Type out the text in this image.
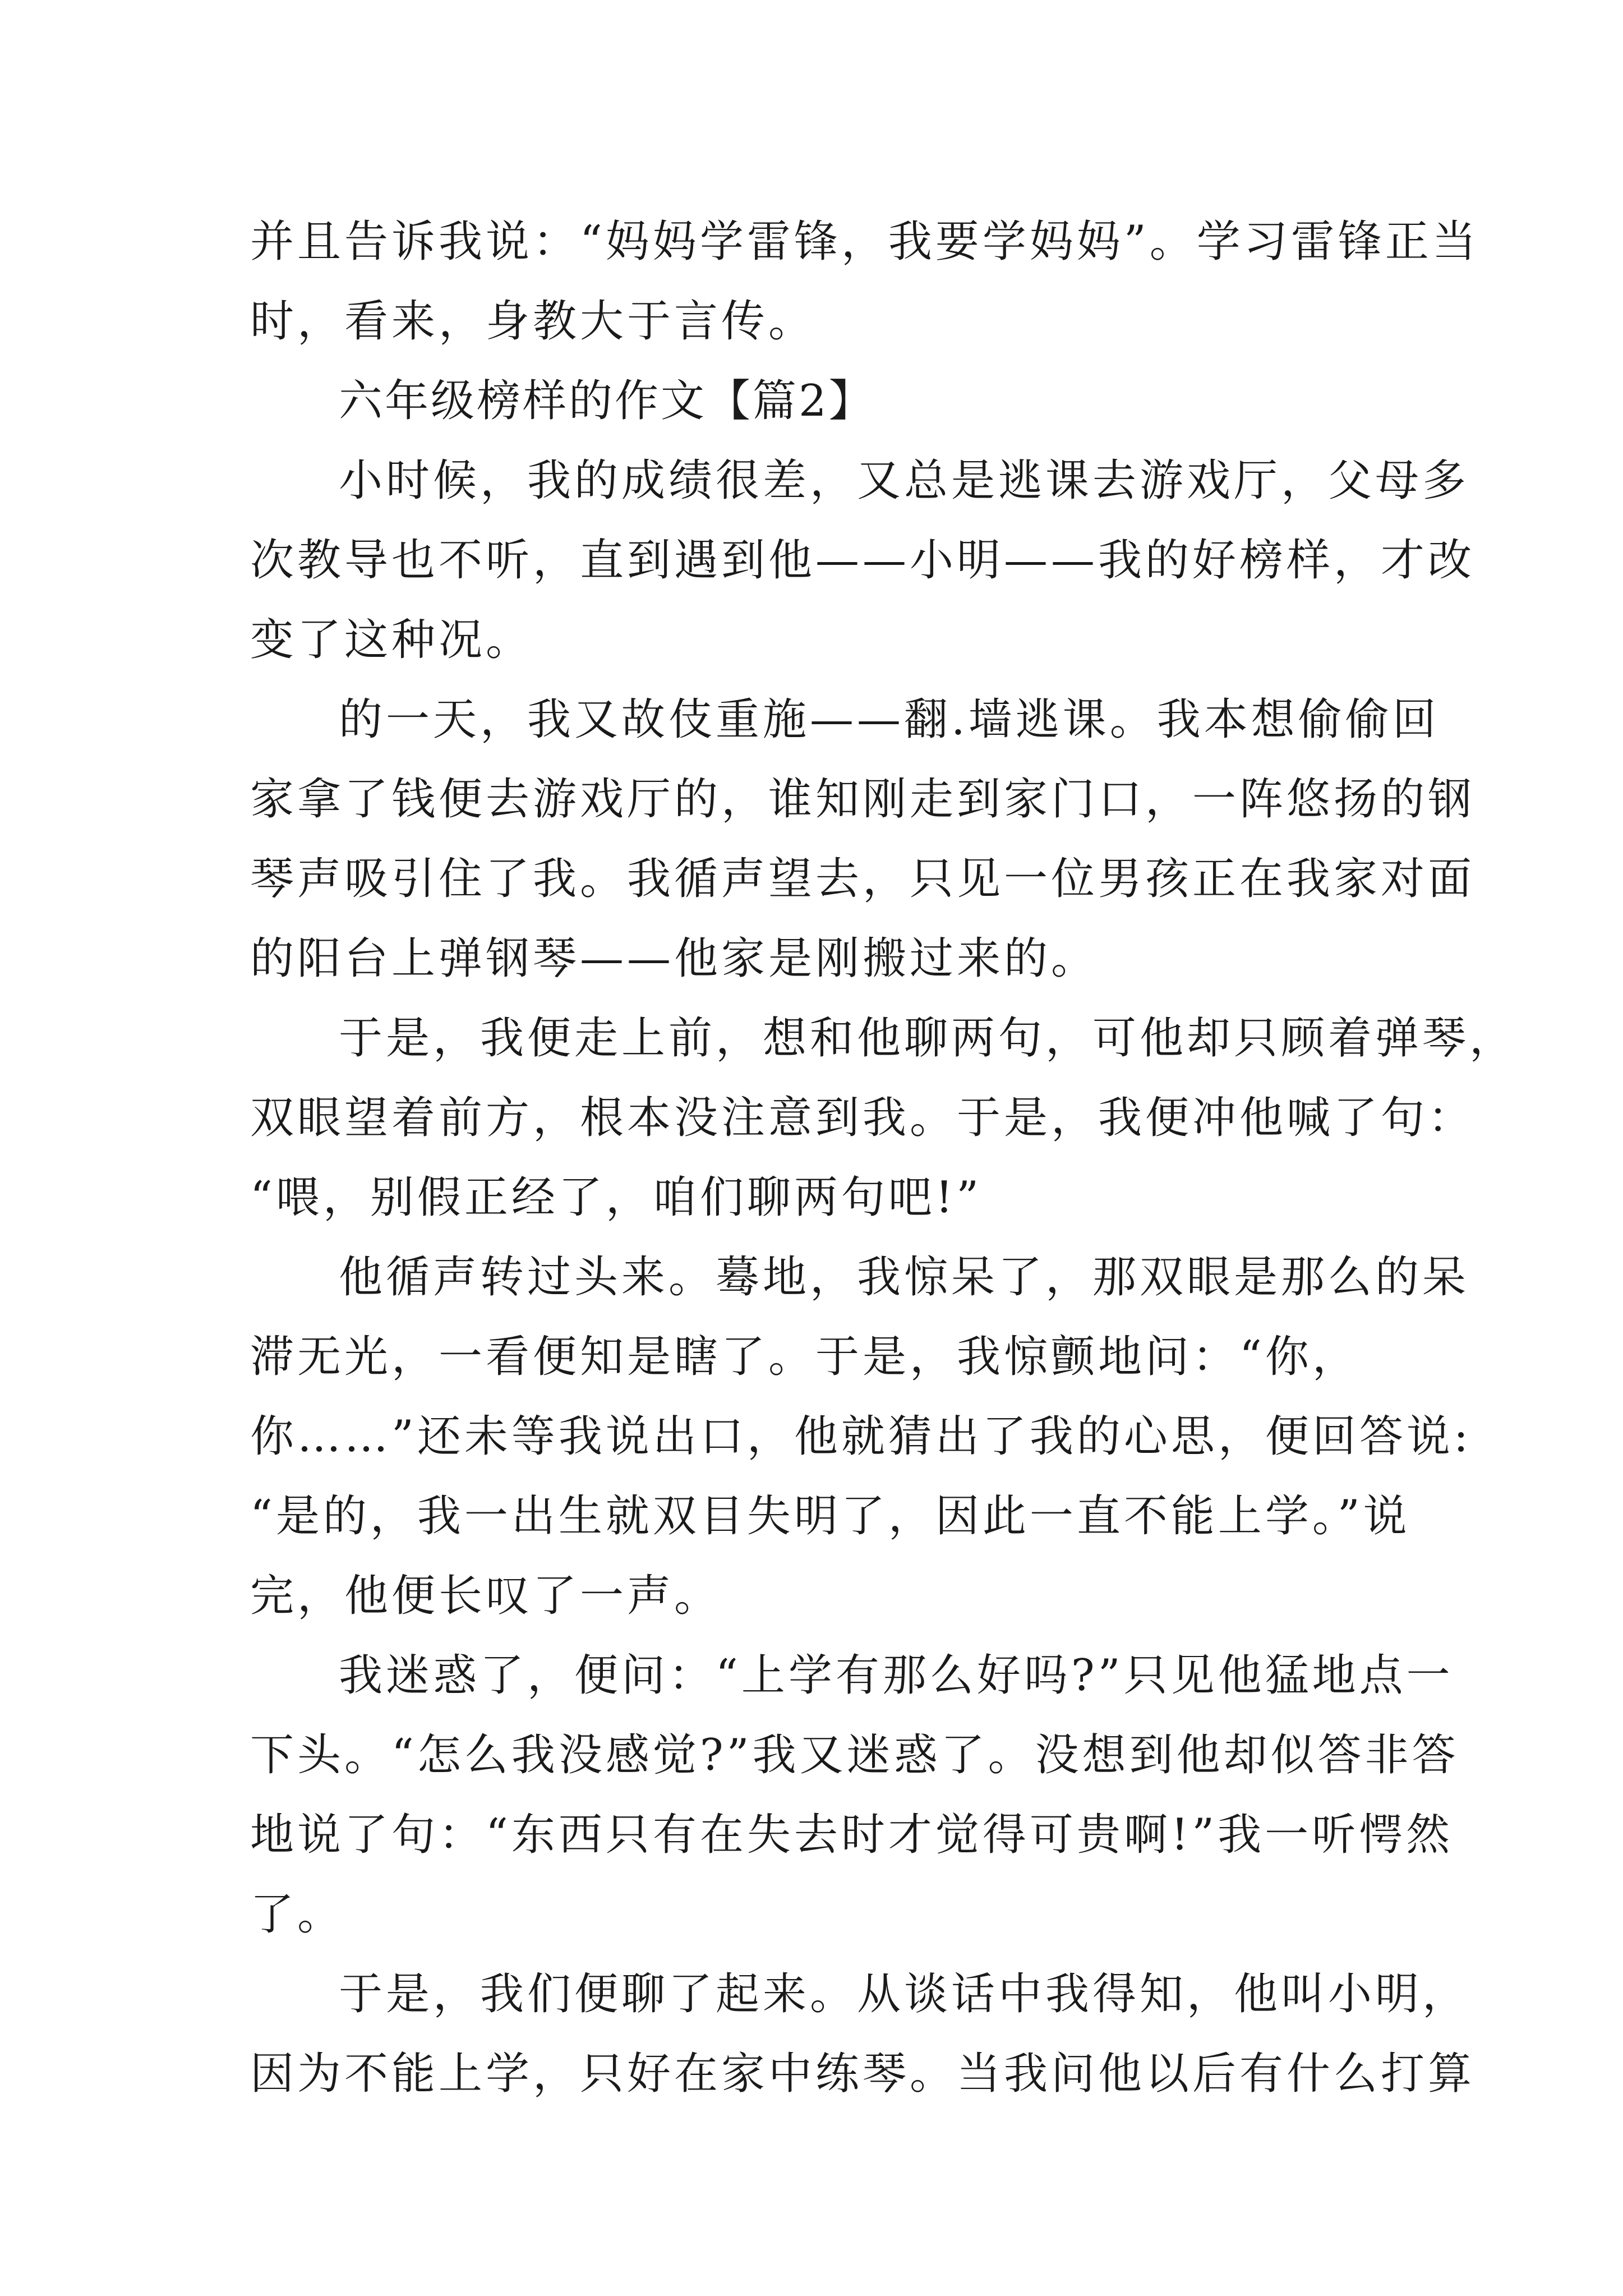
并且告诉我说：“妈妈学雷锋，我要学妈妈”。学习雷锋正当
时，看来，身教大于言传。
六年级榜样的作文【篇2】
小时候，我的成绩很差，又总是逃课去游戏厅，父母多
次教导也不听，直到遇到他——小明——我的好榜样，才改
变了这种况。
的一天，我又故伎重施——翻.墙逃课。我本想偷偷回
家拿了钱便去游戏厅的，谁知刚走到家门口，一阵悠扬的钢
琴声吸引住了我。我循声望去，只见一位男孩正在我家对面
的阳台上弹钢琴——他家是刚搬过来的。
于是，我便走上前，想和他聊两句，可他却只顾着弹琴，
双眼望着前方，根本没注意到我。于是，我便冲他喊了句：
“喂，别假正经了，咱们聊两句吧!”
他循声转过头来。蓦地，我惊呆了，那双眼是那么的呆
滞无光，一看便知是瞎了。于是，我惊颤地问：“你，
你……”还未等我说出口，他就猜出了我的心思，便回答说:
“是的，我一出生就双目失明了，因此一直不能上学。”说
完，他便长叹了一声。
我迷惑了，便问：“上学有那么好吗?”只见他猛地点一
下头。“怎么我没感觉?”我又迷惑了。没想到他却似答非答
地说了句：“东西只有在失去时才觉得可贵啊!”我一听愕然
了。
于是，我们便聊了起来。从谈话中我得知，他叫小明，
因为不能上学，只好在家中练琴。当我问他以后有什么打算
